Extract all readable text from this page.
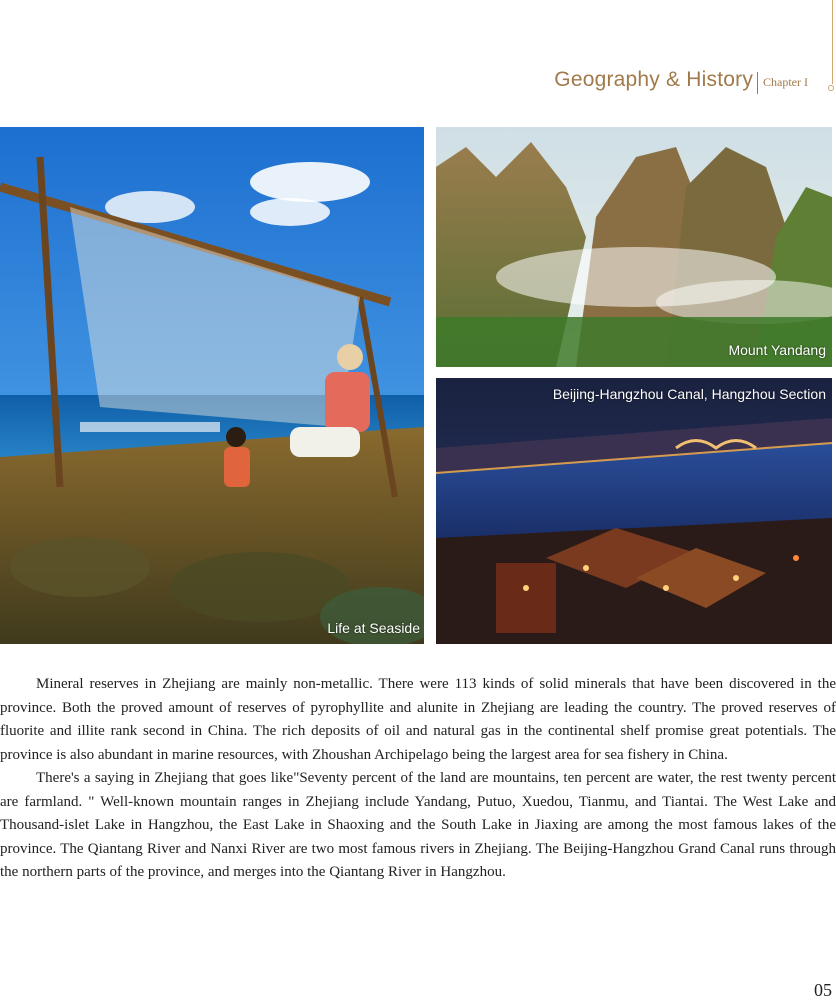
Geography & History Chapter I
Life at Seaside
Mount Yandang
Beijing-Hangzhou Canal, Hangzhou Section

Mineral reserves in Zhejiang are mainly non-metallic. There were 113 kinds of solid minerals that have been discovered in the province. Both the proved amount of reserves of pyrophyllite and alunite in Zhejiang are leading the country. The proved reserves of fluorite and illite rank second in China. The rich deposits of oil and natural gas in the continental shelf promise great potentials. The province is also abundant in marine resources, with Zhoushan Archipelago being the largest area for sea fishery in China.

There's a saying in Zhejiang that goes like"Seventy percent of the land are mountains, ten percent are water, the rest twenty percent are farmland. " Well-known mountain ranges in Zhejiang include Yandang, Putuo, Xuedou, Tianmu, and Tiantai. The West Lake and Thousand-islet Lake in Hangzhou, the East Lake in Shaoxing and the South Lake in Jiaxing are among the most famous lakes of the province. The Qiantang River and Nanxi River are two most famous rivers in Zhejiang. The Beijing-Hangzhou Grand Canal runs through the northern parts of the province, and merges into the Qiantang River in Hangzhou.

05
